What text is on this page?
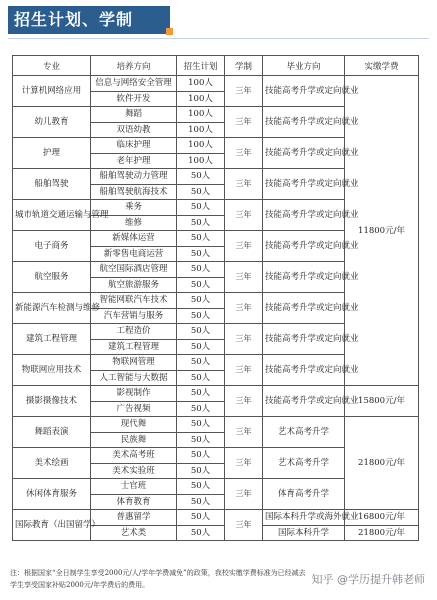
招生计划、学制
专业	培养方向	招生计划	学制	毕业方向	实缴学费
计算机网络应用	信息与网络安全管理	100人	三年	技能高考升学或定向就业	11800元/年
	软件开发	100人			
幼儿教育	舞蹈	100人	三年	技能高考升学或定向就业	
	双语幼教	100人			
护理	临床护理	100人	三年	技能高考升学或定向就业	
	老年护理	100人			
船舶驾驶	船舶驾驶动力管理	50人	三年	技能高考升学或定向就业	
	船舶驾驶航海技术	50人			
城市轨道交通运输与管理	乘务	50人	三年	技能高考升学或定向就业	
	维修	50人			
电子商务	新媒体运营	50人	三年	技能高考升学或定向就业	
	新零售电商运营	50人			
航空服务	航空国际酒店管理	50人	三年	技能高考升学或定向就业	
	航空旅游服务	50人			
新能源汽车检测与维修	智能网联汽车技术	50人	三年	技能高考升学或定向就业	
	汽车营销与服务	50人			
建筑工程管理	工程造价	50人	三年	技能高考升学或定向就业	
	建筑工程管理	50人			
物联网应用技术	物联网管理	50人	三年	技能高考升学或定向就业	
	人工智能与大数据	50人			
摄影摄像技术	影视制作	50人	三年	技能高考升学或定向就业	15800元/年
	广告视频	50人			
舞蹈表演	现代舞	50人	三年	艺术高考升学	21800元/年
	民族舞	50人			
美术绘画	美术高考班	50人	三年	艺术高考升学	
	美术实验班	50人			
休闲体育服务	士官班	50人	三年	体育高考升学	
	体育教育	50人			
国际教育（出国留学）	普惠留学	50人	三年	国际本科升学或海外就业	16800元/年
	艺术类	50人		国际本科升学	21800元/年
注：根据国家“全日制学生享受2000元/人/学年学费减免”的政策，我校实缴学费标准为已经减去学生享受国家补贴2000元/年学费后的费用。	知乎 @学历提升韩老师
